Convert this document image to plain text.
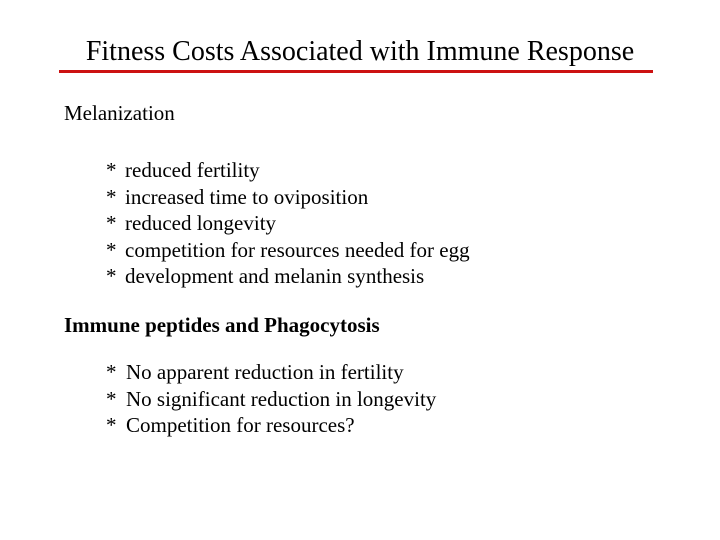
Fitness Costs Associated with Immune Response
Melanization
* reduced fertility
* increased time to oviposition
* reduced longevity
* competition for resources needed for egg
* development and melanin synthesis
Immune peptides and Phagocytosis
* No apparent reduction in fertility
* No significant reduction in longevity
* Competition for resources?
